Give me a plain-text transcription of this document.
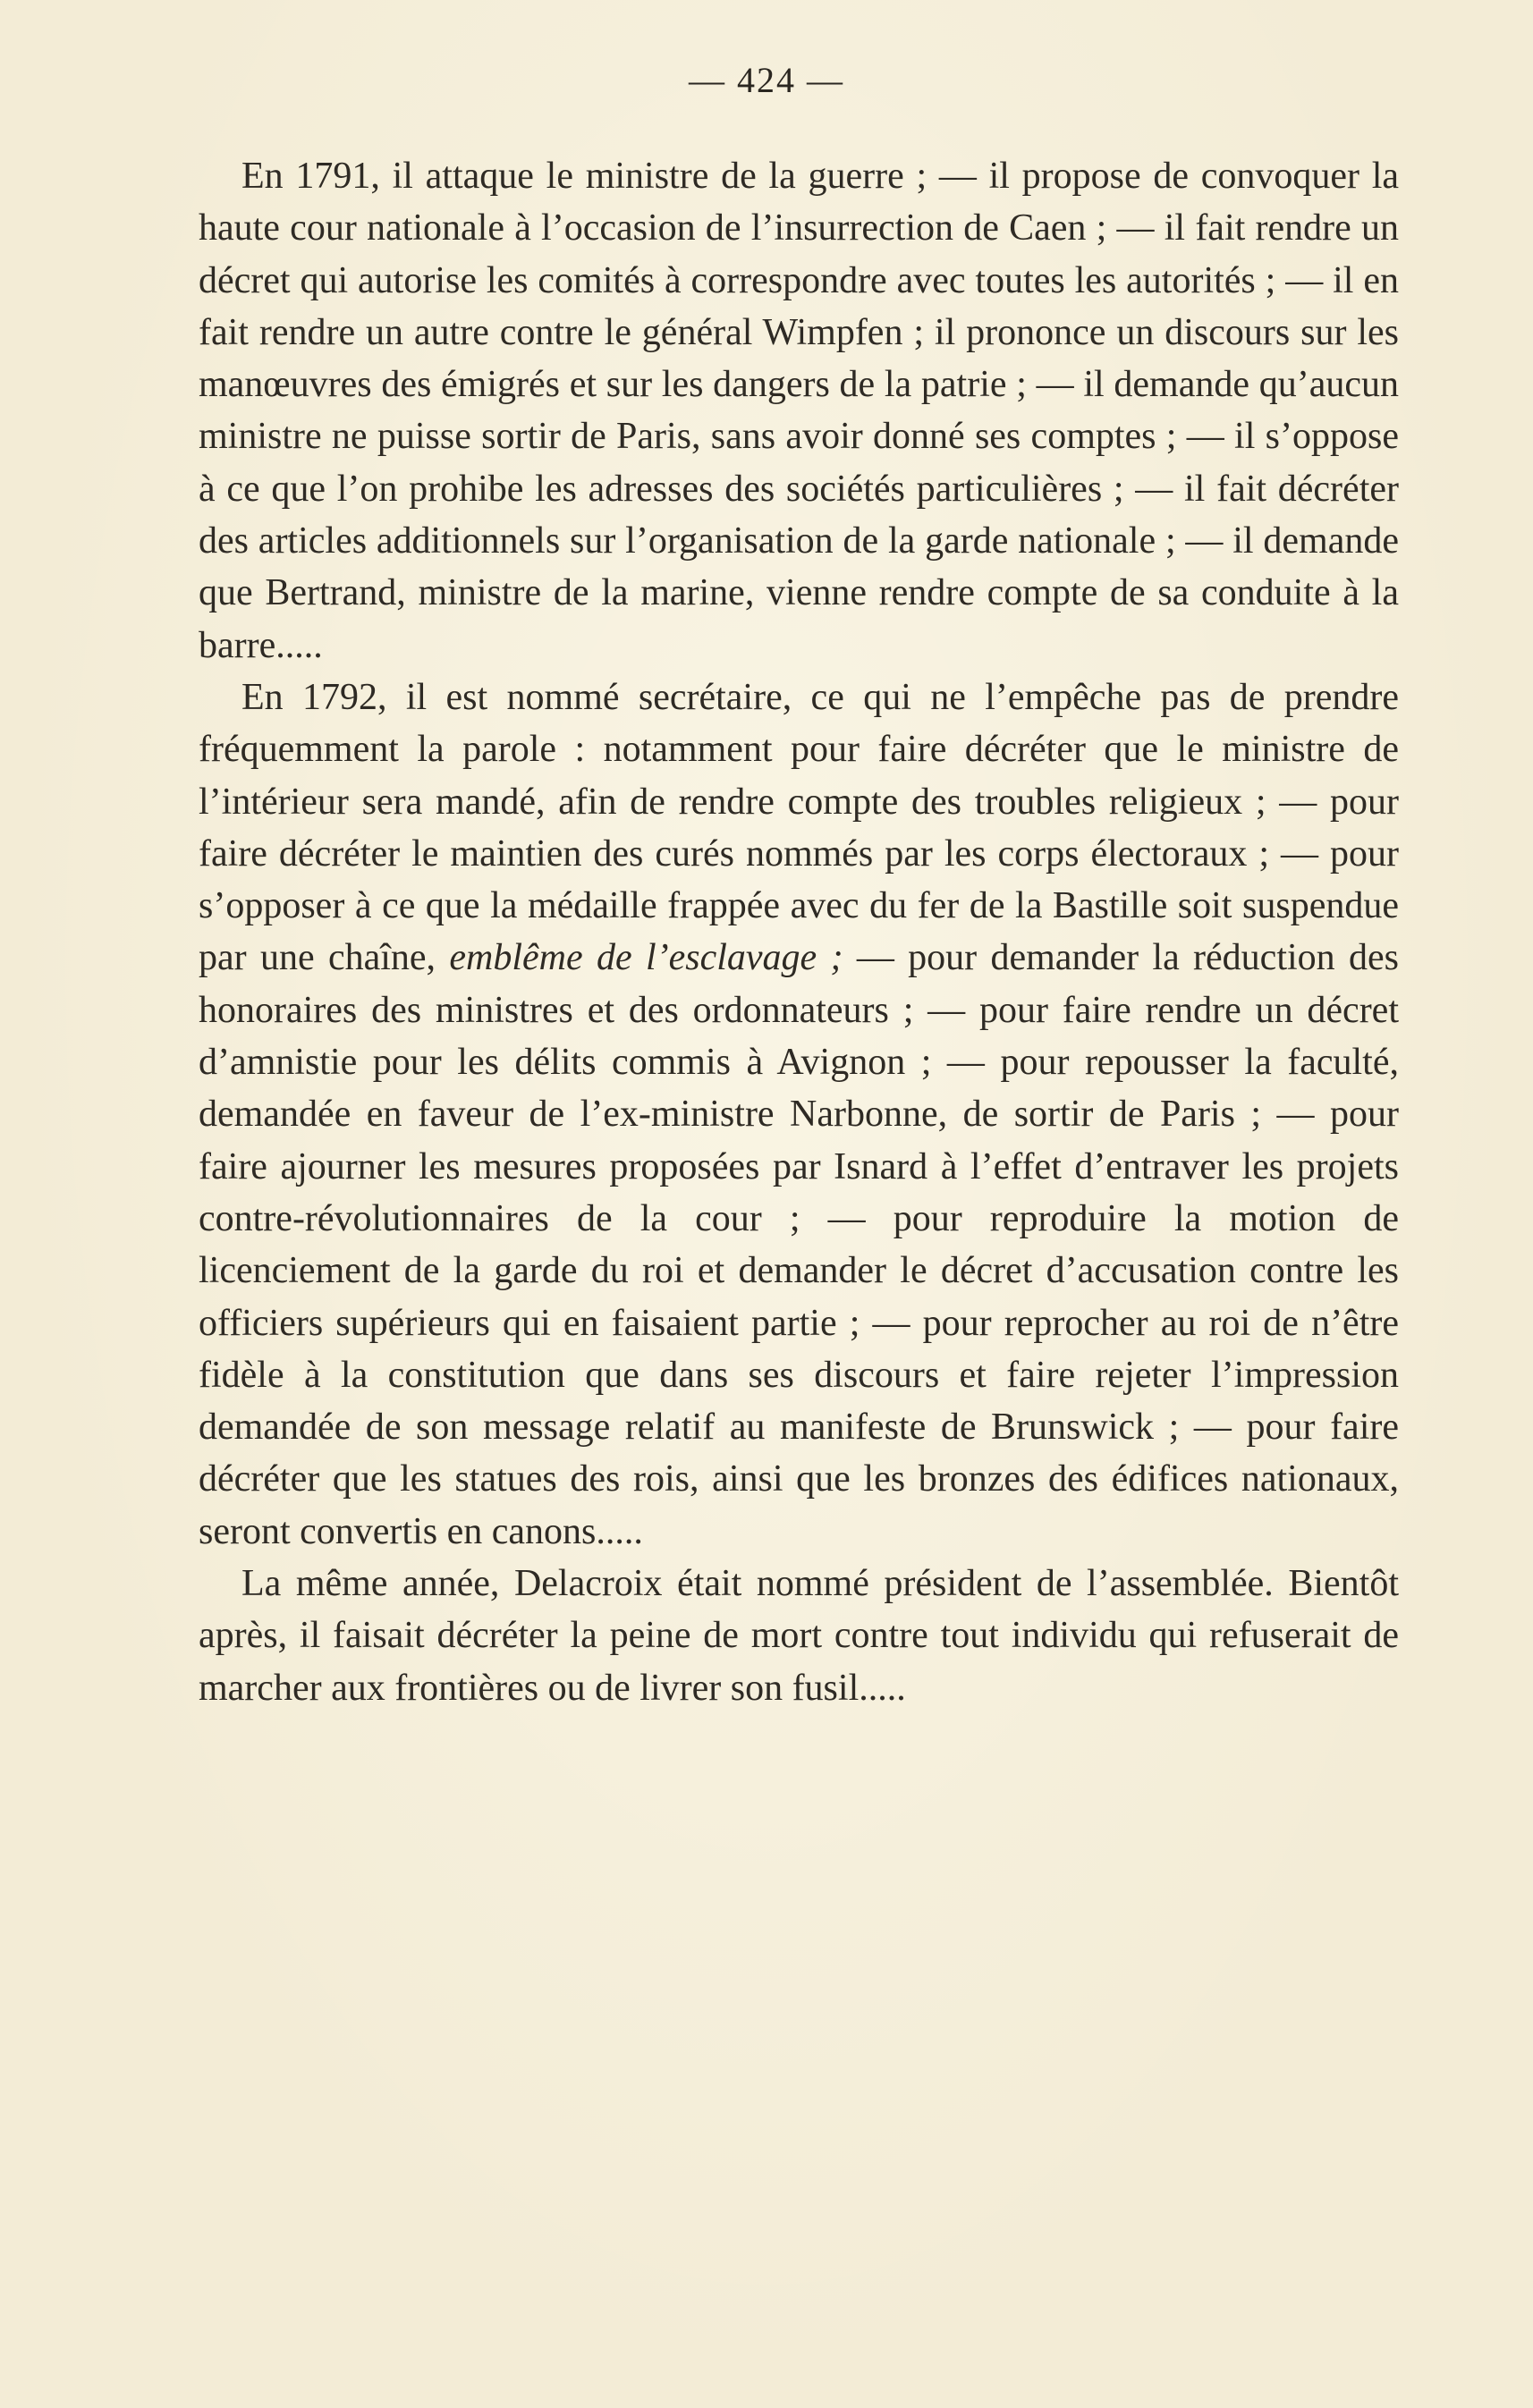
— 424 —

En 1791, il attaque le ministre de la guerre ; — il propose de convoquer la haute cour nationale à l’occasion de l’insurrection de Caen ; — il fait rendre un décret qui autorise les comités à correspondre avec toutes les autorités ; — il en fait rendre un autre contre le général Wimpfen ; il prononce un discours sur les manœuvres des émigrés et sur les dangers de la patrie ; — il demande qu’aucun ministre ne puisse sortir de Paris, sans avoir donné ses comptes ; — il s’oppose à ce que l’on prohibe les adresses des sociétés particulières ; — il fait décréter des articles additionnels sur l’organisation de la garde nationale ; — il demande que Bertrand, ministre de la marine, vienne rendre compte de sa conduite à la barre.....

En 1792, il est nommé secrétaire, ce qui ne l’empêche pas de prendre fréquemment la parole : notamment pour faire décréter que le ministre de l’intérieur sera mandé, afin de rendre compte des troubles religieux ; — pour faire décréter le maintien des curés nommés par les corps électoraux ; — pour s’opposer à ce que la médaille frappée avec du fer de la Bastille soit suspendue par une chaîne, emblême de l’esclavage ; — pour demander la réduction des honoraires des ministres et des ordonnateurs ; — pour faire rendre un décret d’amnistie pour les délits commis à Avignon ; — pour repousser la faculté, demandée en faveur de l’ex-ministre Narbonne, de sortir de Paris ; — pour faire ajourner les mesures proposées par Isnard à l’effet d’entraver les projets contre-révolutionnaires de la cour ; — pour reproduire la motion de licenciement de la garde du roi et demander le décret d’accusation contre les officiers supérieurs qui en faisaient partie ; — pour reprocher au roi de n’être fidèle à la constitution que dans ses discours et faire rejeter l’impression demandée de son message relatif au manifeste de Brunswick ; — pour faire décréter que les statues des rois, ainsi que les bronzes des édifices nationaux, seront convertis en canons.....

La même année, Delacroix était nommé président de l’assemblée. Bientôt après, il faisait décréter la peine de mort contre tout individu qui refuserait de marcher aux frontières ou de livrer son fusil.....
